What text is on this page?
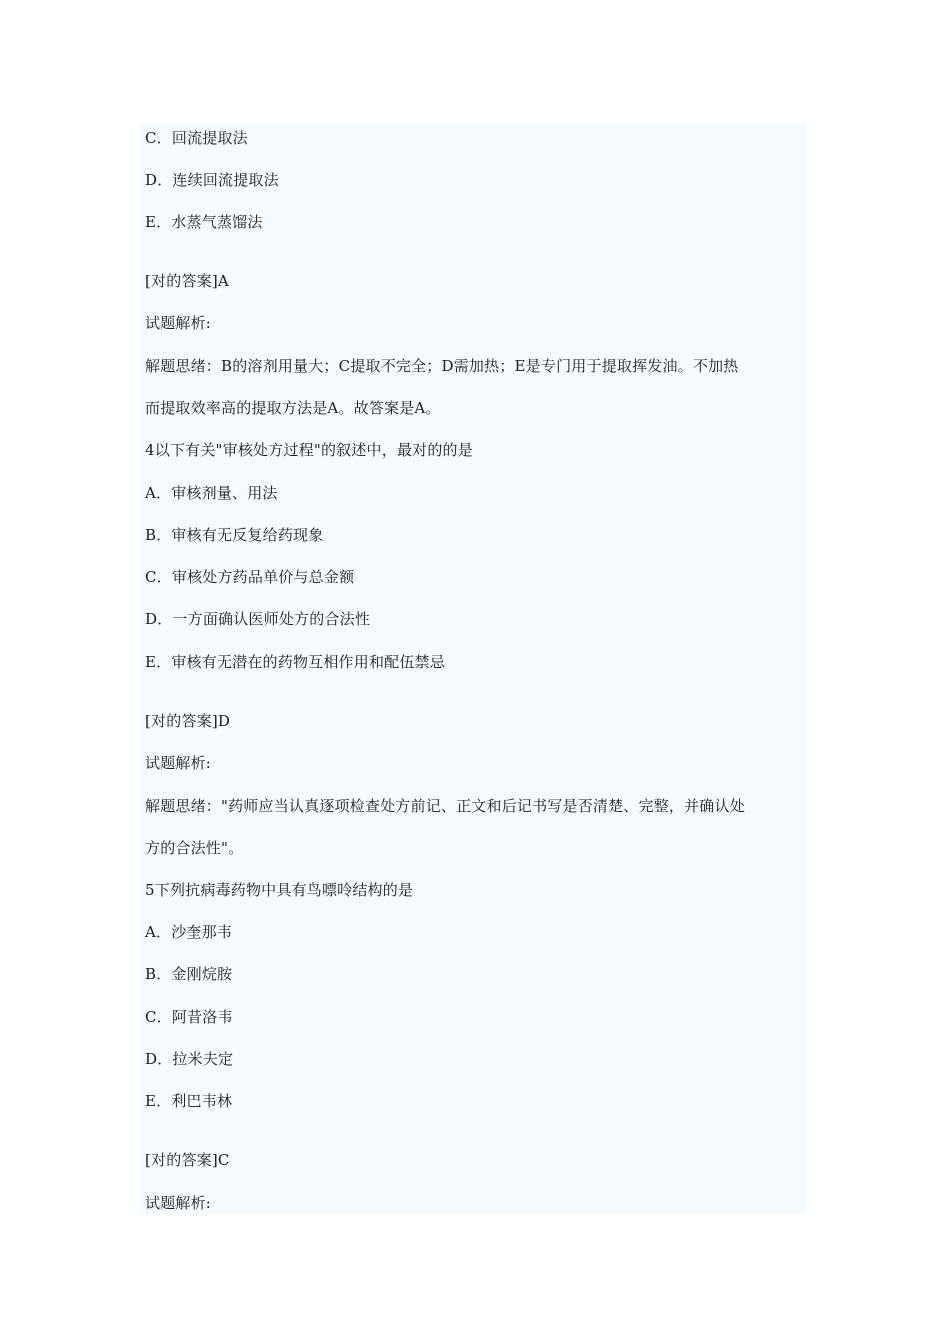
C．回流提取法
D．连续回流提取法
E．水蒸气蒸馏法
[对的答案]A
试题解析:
解题思绪：B的溶剂用量大；C提取不完全；D需加热；E是专门用于提取挥发油。不加热
而提取效率高的提取方法是A。故答案是A。
4以下有关"审核处方过程"的叙述中，最对的的是
A．审核剂量、用法
B．审核有无反复给药现象
C．审核处方药品单价与总金额
D．一方面确认医师处方的合法性
E．审核有无潜在的药物互相作用和配伍禁忌
[对的答案]D
试题解析:
解题思绪："药师应当认真逐项检查处方前记、正文和后记书写是否清楚、完整，并确认处
方的合法性"。
5下列抗病毒药物中具有鸟嘌呤结构的是
A．沙奎那韦
B．金刚烷胺
C．阿昔洛韦
D．拉米夫定
E．利巴韦林
[对的答案]C
试题解析:
